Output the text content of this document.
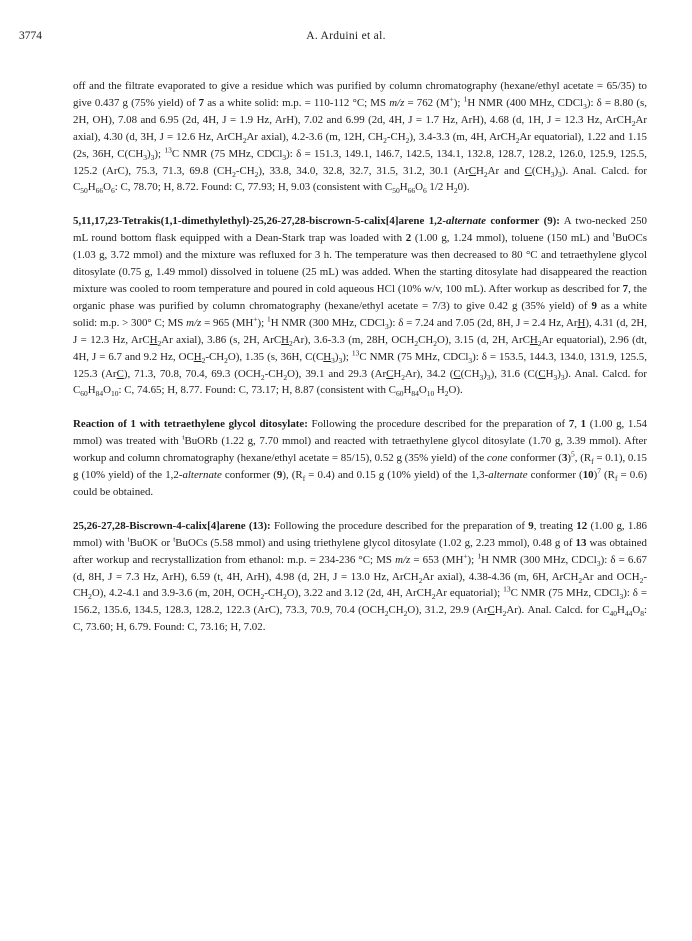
3774	A. Arduini et al.

off and the filtrate evaporated to give a residue which was purified by column chromatography (hexane/ethyl acetate = 65/35) to give 0.437 g (75% yield) of 7 as a white solid: m.p. = 110-112 °C; MS m/z = 762 (M+); $^1$H NMR (400 MHz, CDCl$_3$): δ = 8.80 (s, 2H, OH), 7.08 and 6.95 (2d, 4H, J = 1.9 Hz, ArH), 7.02 and 6.99 (2d, 4H, J = 1.7 Hz, ArH), 4.68 (d, 1H, J = 12.3 Hz, ArCH$_2$Ar axial), 4.30 (d, 3H, J = 12.6 Hz, ArCH$_2$Ar axial), 4.2-3.6 (m, 12H, $CH_2-CH_2$), 3.4-3.3 (m, 4H, ArCH$_2$Ar equatorial), 1.22 and 1.15 (2s, 36H, $C(CH_3)_3$); $^{13}$C NMR (75 MHz, CDCl$_3$): δ = 151.3, 149.1, 146.7, 142.5, 134.1, 132.8, 128.7, 128.2, 126.0, 125.9, 125.5, 125.2 (ArC), 75.3, 71.3, 69.8 $(CH_2-CH_2)$, 33.8, 34.0, 32.8, 32.7, 31.5, 31.2, 30.1 (ArCH$_2$Ar and $C(CH_3)_3$). Anal. Calcd. for $C_{50}H_{66}O_6$: C, 78.70; H, 8.72. Found: C, 77.93; H, 9.03 (consistent with $C_{50}H_{66}O_6$ 1/2 $H_20$).

5,11,17,23-Tetrakis(1,1-dimethylethyl)-25,26-27,28-biscrown-5-calix[4]arene 1,2-alternate conformer (9): A two-necked 250 mL round bottom flask equipped with a Dean-Stark trap was loaded with 2 (1.00 g, 1.24 mmol), toluene (150 mL) and $^t$BuOCs (1.03 g, 3.72 mmol) and the mixture was refluxed for 3 h. The temperature was then decreased to 80 °C and tetraethylene glycol ditosylate (0.75 g, 1.49 mmol) dissolved in toluene (25 mL) was added. When the starting ditosylate had disappeared the reaction mixture was cooled to room temperature and poured in cold aqueous HCl (10% w/v, 100 mL). After workup as described for 7, the organic phase was purified by column chromatography (hexane/ethyl acetate = 7/3) to give 0.42 g (35% yield) of 9 as a white solid: m.p. > 300° C; MS m/z = 965 (MH+); $^1$H NMR (300 MHz, CDCl$_3$): δ = 7.24 and 7.05 (2d, 8H, J = 2.4 Hz, ArH), 4.31 (d, 2H, J = 12.3 Hz, ArCH$_2$Ar axial), 3.86 (s, 2H, ArCH$_2$Ar), 3.6-3.3 (m, 28H, $OCH_2CH_2O$), 3.15 (d, 2H, ArCH$_2$Ar equatorial), 2.96 (dt, 4H, J = 6.7 and 9.2 Hz, $OCH_2-CH_2O$), 1.35 (s, 36H, $C(CH_3)_3$); $^{13}$C NMR (75 MHz, CDCl$_3$): δ = 153.5, 144.3, 134.0, 131.9, 125.5, 125.3 (ArC), 71.3, 70.8, 70.4, 69.3 $(OCH_2-CH_2O)$, 39.1 and 29.3 (ArCH$_2$Ar), 34.2 $(C(CH_3)_3)$, 31.6 $(C(CH_3)_3)$. Anal. Calcd. for $C_{60}H_{84}O_{10}$: C, 74.65; H, 8.77. Found: C, 73.17; H, 8.87 (consistent with $C_{60}H_{84}O_{10}$ $H_2O$).

Reaction of 1 with tetraethylene glycol ditosylate: Following the procedure described for the preparation of 7, 1 (1.00 g, 1.54 mmol) was treated with $^t$BuORb (1.22 g, 7.70 mmol) and reacted with tetraethylene glycol ditosylate (1.70 g, 3.39 mmol). After workup and column chromatography (hexane/ethyl acetate = 85/15), 0.52 g (35% yield) of the cone conformer $(3)^5$, $(R_f = 0.1)$, 0.15 g (10% yield) of the 1,2-alternate conformer (9), $(R_f = 0.4)$ and 0.15 g (10% yield) of the 1,3-alternate conformer $(10)^7$ $(R_f = 0.6)$ could be obtained.

25,26-27,28-Biscrown-4-calix[4]arene (13): Following the procedure described for the preparation of 9, treating 12 (1.00 g, 1.86 mmol) with $^t$BuOK or $^t$BuOCs (5.58 mmol) and using triethylene glycol ditosylate (1.02 g, 2.23 mmol), 0.48 g of 13 was obtained after workup and recrystallization from ethanol: m.p. = 234-236 °C; MS m/z = 653 (MH+); $^1$H NMR (300 MHz, CDCl$_3$): δ = 6.67 (d, 8H, J = 7.3 Hz, ArH), 6.59 (t, 4H, ArH), 4.98 (d, 2H, J = 13.0 Hz, ArCH$_2$Ar axial), 4.38-4.36 (m, 6H, ArCH$_2$Ar and $OCH_2-CH_2O$), 4.2-4.1 and 3.9-3.6 (m, 20H, $OCH_2-CH_2O$), 3.22 and 3.12 (2d, 4H, ArCH$_2$Ar equatorial); $^{13}$C NMR (75 MHz, CDCl$_3$): δ = 156.2, 135.6, 134.5, 128.3, 128.2, 122.3 (ArC), 73.3, 70.9, 70.4 $(OCH_2CH_2O)$, 31.2, 29.9 (ArCH$_2$Ar). Anal. Calcd. for $C_{40}H_{44}O_8$: C, 73.60; H, 6.79. Found: C, 73.16; H, 7.02.
